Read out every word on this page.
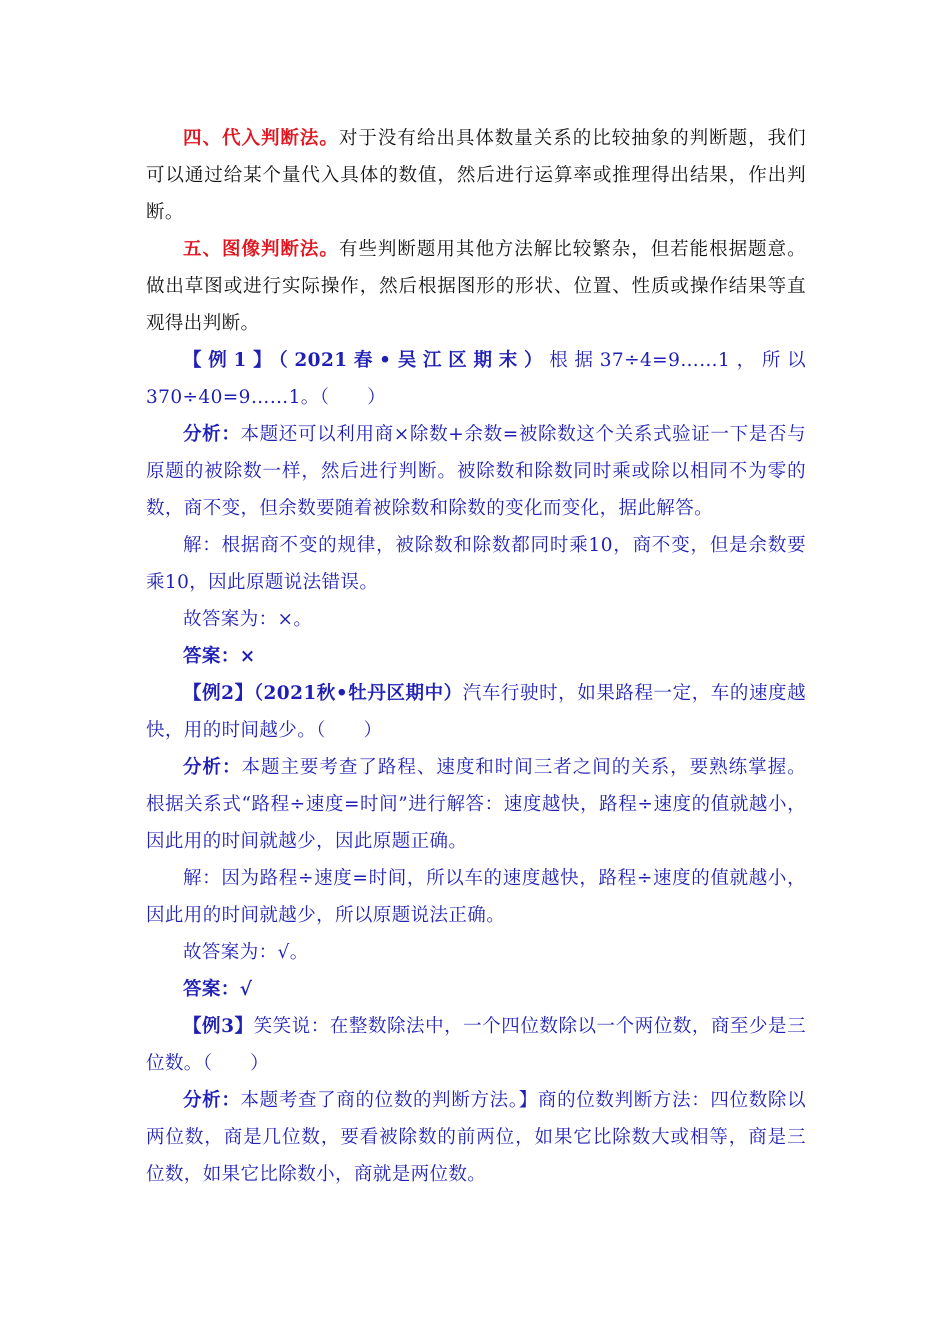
四、代入判断法。对于没有给出具体数量关系的比较抽象的判断题，我们可以通过给某个量代入具体的数值，然后进行运算率或推理得出结果，作出判断。

五、图像判断法。有些判断题用其他方法解比较繁杂，但若能根据题意。做出草图或进行实际操作，然后根据图形的形状、位置、性质或操作结果等直观得出判断。

【例1】（2021春•吴江区期末）根据37÷4=9……1，所以370÷40=9……1。（　　）

分析：本题还可以利用商×除数+余数=被除数这个关系式验证一下是否与原题的被除数一样，然后进行判断。被除数和除数同时乘或除以相同不为零的数，商不变，但余数要随着被除数和除数的变化而变化，据此解答。

解：根据商不变的规律，被除数和除数都同时乘10，商不变，但是余数要乘10，因此原题说法错误。

故答案为：×。

答案：×

【例2】（2021秋•牡丹区期中）汽车行驶时，如果路程一定，车的速度越快，用的时间越少。（　　）

分析：本题主要考查了路程、速度和时间三者之间的关系，要熟练掌握。根据关系式“路程÷速度=时间”进行解答：速度越快，路程÷速度的值就越小，因此用的时间就越少，因此原题正确。

解：因为路程÷速度=时间，所以车的速度越快，路程÷速度的值就越小，因此用的时间就越少，所以原题说法正确。

故答案为：√。

答案：√

【例3】笑笑说：在整数除法中，一个四位数除以一个两位数，商至少是三位数。（　　）

分析：本题考查了商的位数的判断方法。】商的位数判断方法：四位数除以两位数，商是几位数，要看被除数的前两位，如果它比除数大或相等，商是三位数，如果它比除数小，商就是两位数。
